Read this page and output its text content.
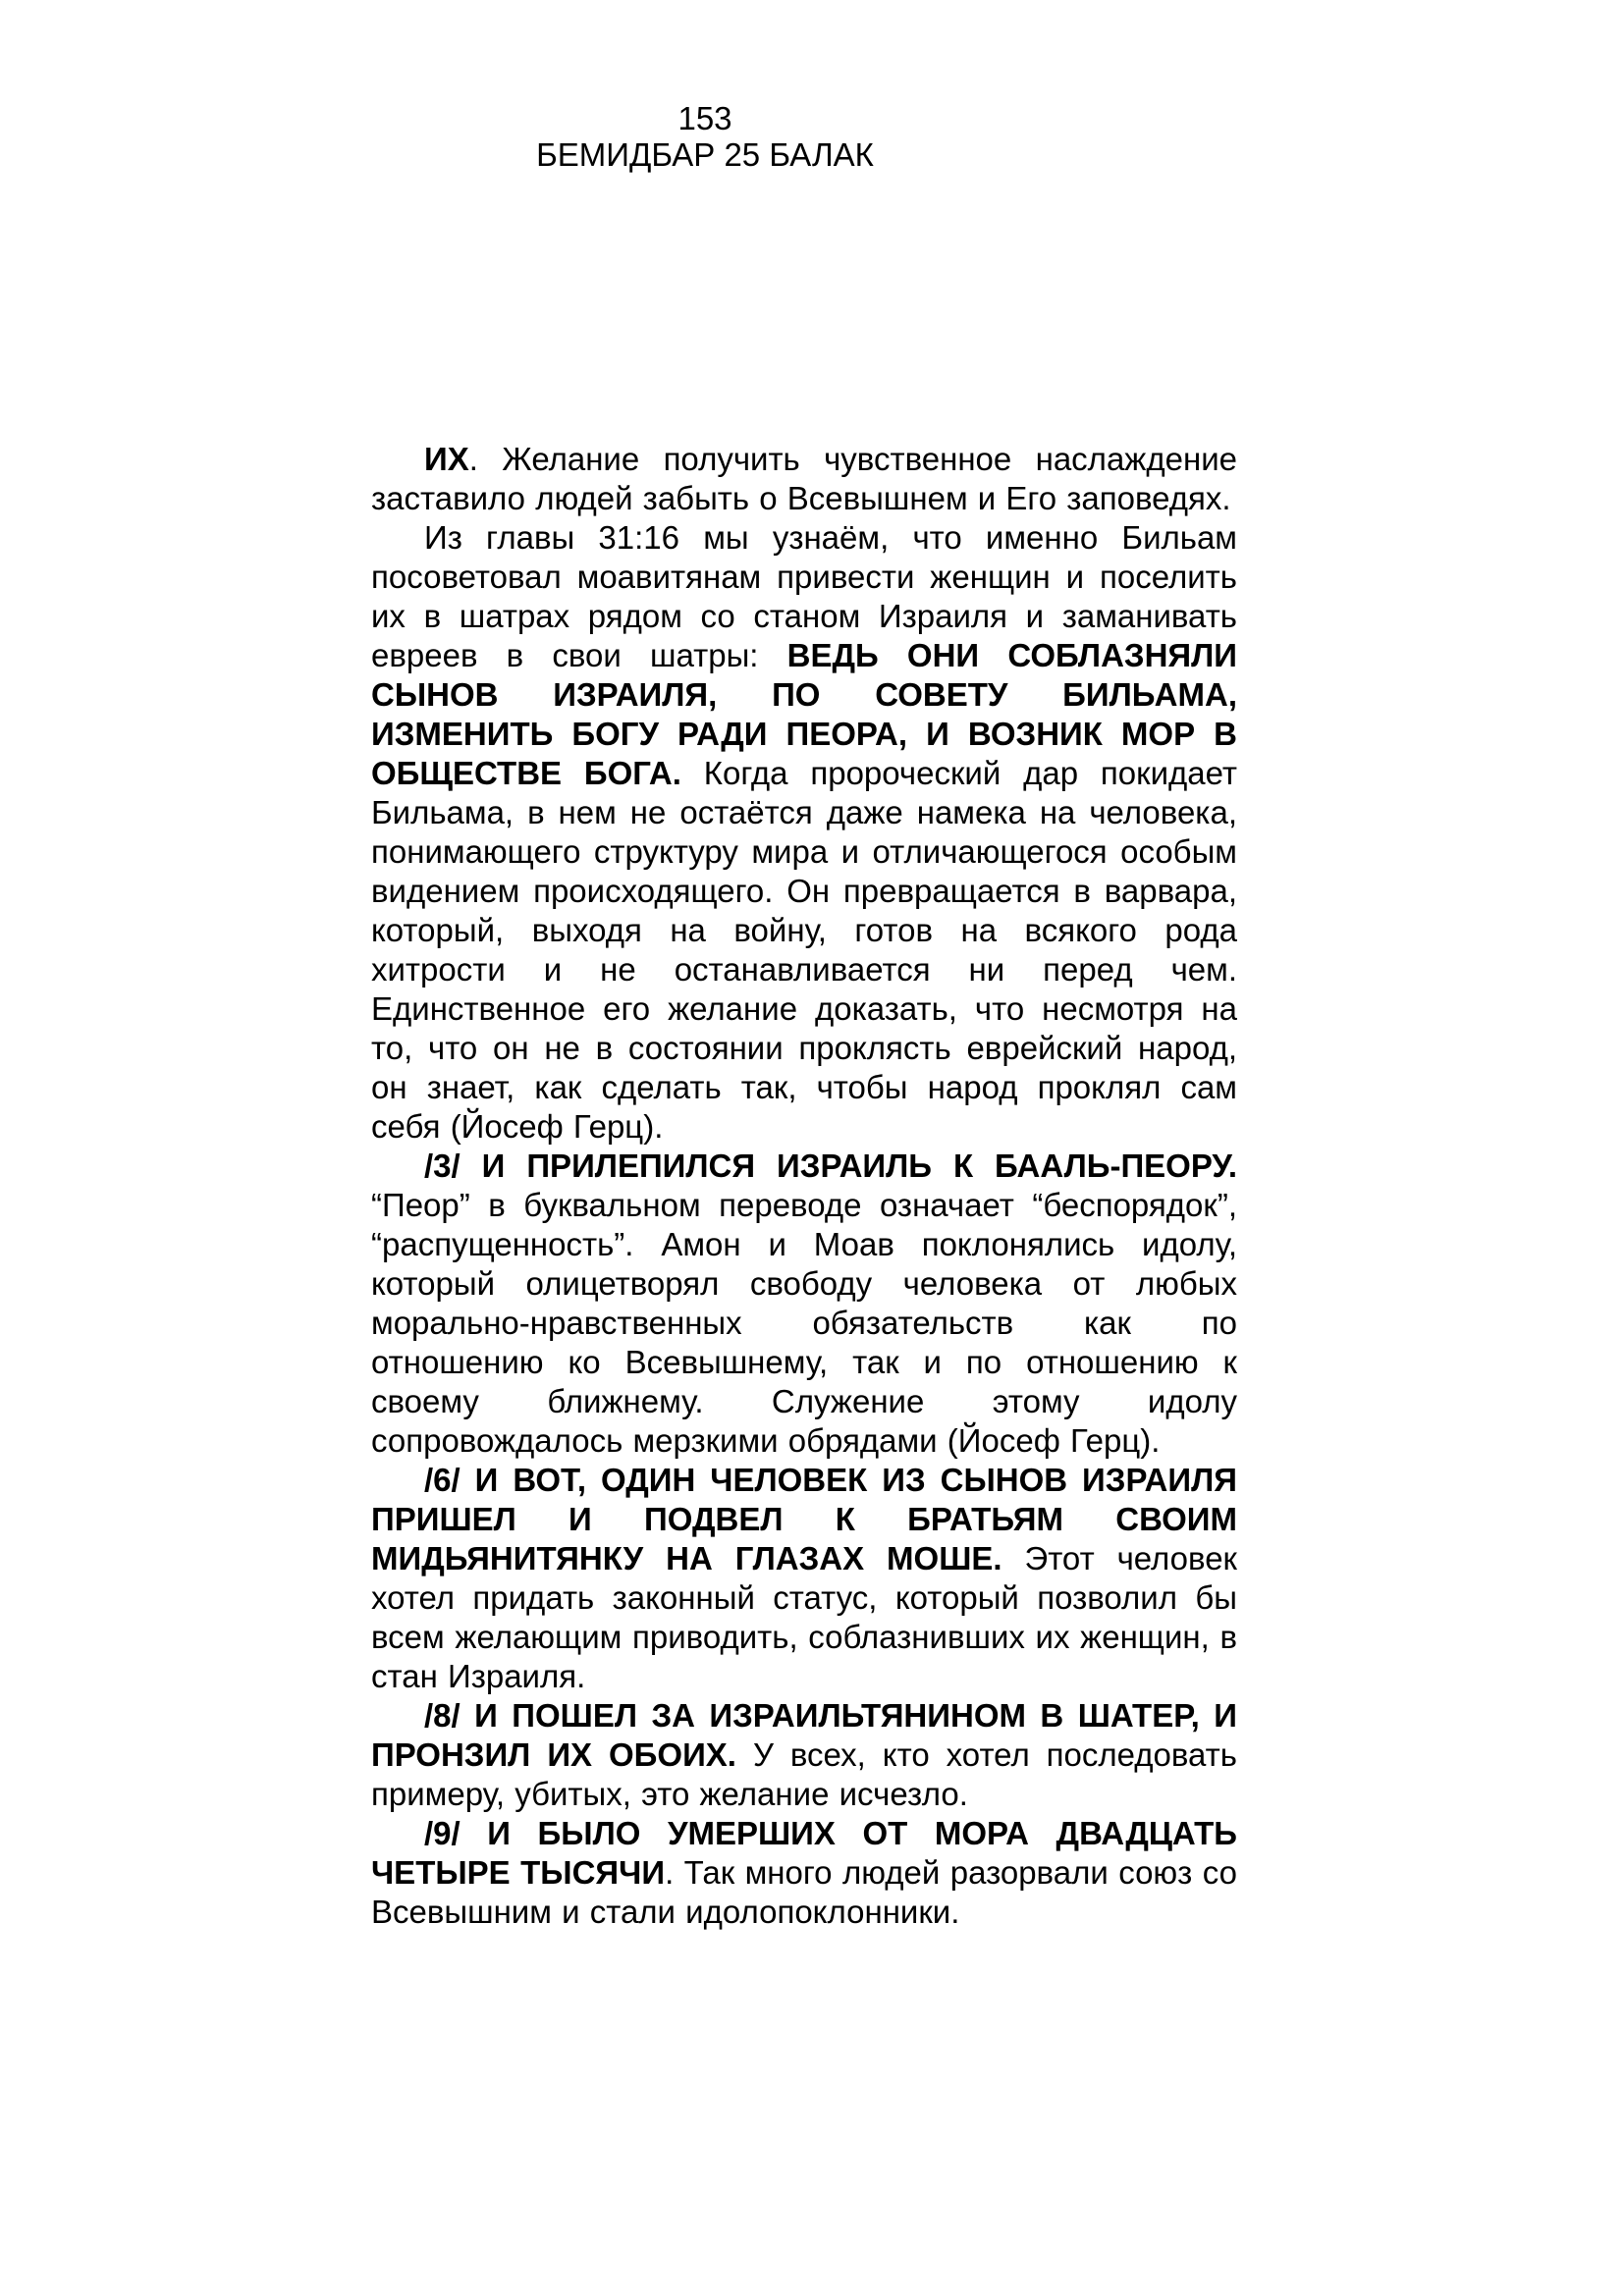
153
БЕМИДБАР 25 БАЛАК

ИХ. Желание получить чувственное наслаждение заставило людей забыть о Всевышнем и Его заповедях.

Из главы 31:16 мы узнаём, что именно Бильам посоветовал моавитянам привести женщин и поселить их в шатрах рядом со станом Израиля и заманивать евреев в свои шатры: ВЕДЬ ОНИ СОБЛАЗНЯЛИ СЫНОВ ИЗРАИЛЯ, ПО СОВЕТУ БИЛЬАМА, ИЗМЕНИТЬ БОГУ РАДИ ПЕОРА, И ВОЗНИК МОР В ОБЩЕСТВЕ БОГА. Когда пророческий дар покидает Бильама, в нем не остаётся даже намека на человека, понимающего структуру мира и отличающегося особым видением происходящего. Он превращается в варвара, который, выходя на войну, готов на всякого рода хитрости и не останавливается ни перед чем. Единственное его желание доказать, что несмотря на то, что он не в состоянии проклясть еврейский народ, он знает, как сделать так, чтобы народ проклял сам себя (Йосеф Герц).

/3/ И ПРИЛЕПИЛСЯ ИЗРАИЛЬ К БААЛЬ-ПЕОРУ. “Пеор” в буквальном переводе означает “беспорядок”, “распущенность”. Амон и Моав поклонялись идолу, который олицетворял свободу человека от любых морально-нравственных обязательств как по отношению ко Всевышнему, так и по отношению к своему ближнему. Служение этому идолу сопровождалось мерзкими обрядами (Йосеф Герц).

/6/ И ВОТ, ОДИН ЧЕЛОВЕК ИЗ СЫНОВ ИЗРАИЛЯ ПРИШЕЛ И ПОДВЕЛ К БРАТЬЯМ СВОИМ МИДЬЯНИТЯНКУ НА ГЛАЗАХ МОШЕ. Этот человек хотел придать законный статус, который позволил бы всем желающим приводить, соблазнивших их женщин, в стан Израиля.

/8/ И ПОШЕЛ ЗА ИЗРАИЛЬТЯНИНОМ В ШАТЕР, И ПРОНЗИЛ ИХ ОБОИХ. У всех, кто хотел последовать примеру, убитых, это желание исчезло.

/9/ И БЫЛО УМЕРШИХ ОТ МОРА ДВАДЦАТЬ ЧЕТЫРЕ ТЫСЯЧИ. Так много людей разорвали союз со Всевышним и стали идолопоклонники.
